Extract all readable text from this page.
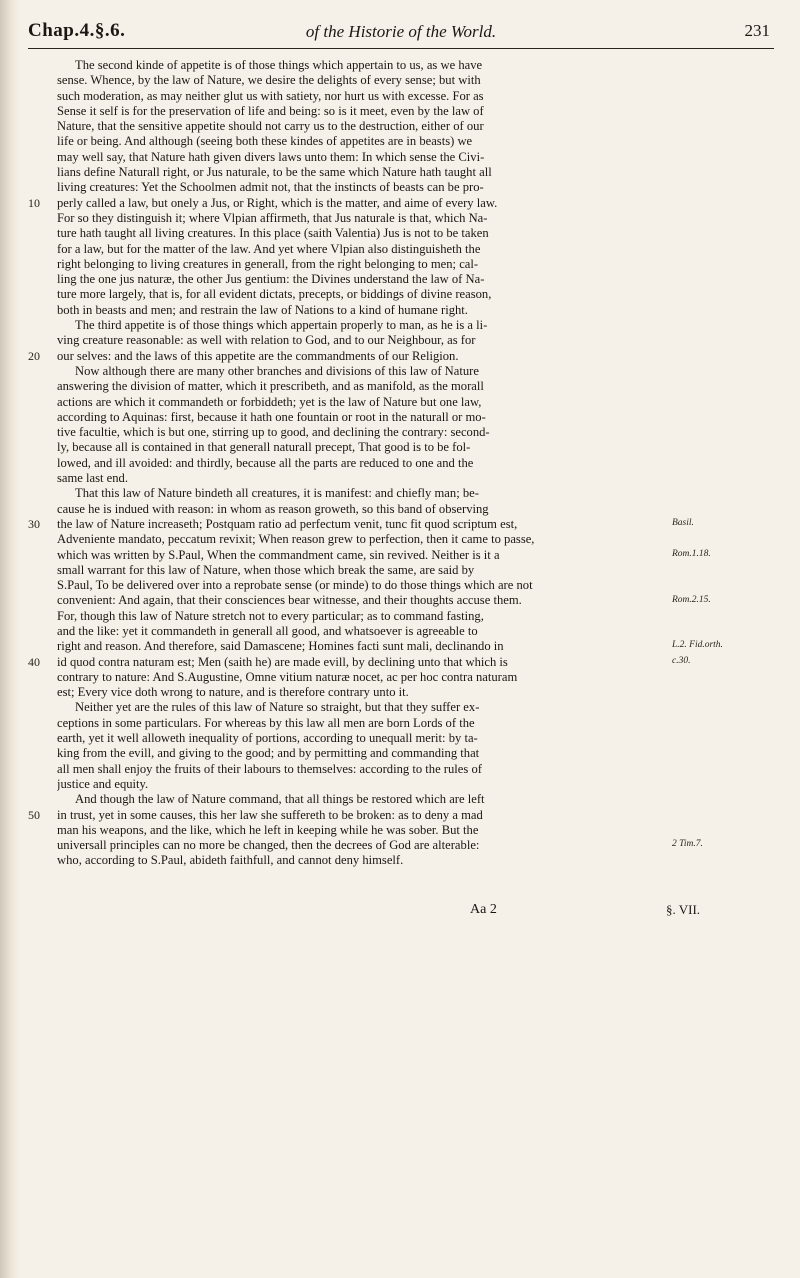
Chap.4.§.6.	of the Historie of the World.	231
The second kinde of appetite is of those things which appertain to us, as we have
sense. Whence, by the law of Nature, we desire the delights of every sense; but with
such moderation, as may neither glut us with satiety, nor hurt us with excesse. For as
Sense it self is for the preservation of life and being: so is it meet, even by the law of
Nature, that the sensitive appetite should not carry us to the destruction, either of our
life or being. And although (seeing both these kindes of appetites are in beasts) we
may well say, that Nature hath given divers laws unto them: In which sense the Civi-
lians define Naturall right, or Jus naturale, to be the same which Nature hath taught all
living creatures: Yet the Schoolmen admit not, that the instincts of beasts can be pro-
perly called a law, but onely a Jus, or Right, which is the matter, and aime of every law.
For so they distinguish it; where Vlpian affirmeth, that Jus naturale is that, which Na-
ture hath taught all living creatures. In this place (saith Valentia) Jus is not to be taken
for a law, but for the matter of the law. And yet where Vlpian also distinguisheth the
right belonging to living creatures in generall, from the right belonging to men; cal-
ling the one jus naturæ, the other Jus gentium: the Divines understand the law of Na-
ture more largely, that is, for all evident dictats, precepts, or biddings of divine reason,
both in beasts and men; and restrain the law of Nations to a kind of humane right.
The third appetite is of those things which appertain properly to man, as he is a li-
ving creature reasonable: as well with relation to God, and to our Neighbour, as for
our selves: and the laws of this appetite are the commandments of our Religion.
Now although there are many other branches and divisions of this law of Nature
answering the division of matter, which it prescribeth, and as manifold, as the morall
actions are which it commandeth or forbiddeth; yet is the law of Nature but one law,
according to Aquinas: first, because it hath one fountain or root in the naturall or mo-
tive facultie, which is but one, stirring up to good, and declining the contrary: second-
ly, because all is contained in that generall naturall precept, That good is to be fol-
lowed, and ill avoided: and thirdly, because all the parts are reduced to one and the
same last end.
That this law of Nature bindeth all creatures, it is manifest: and chiefly man; be-
cause he is indued with reason: in whom as reason groweth, so this band of observing
the law of Nature increaseth; Postquam ratio ad perfectum venit, tunc fit quod scriptum est,
Adveniente mandato, peccatum revixit; When reason grew to perfection, then it came to passe,
which was written by S.Paul, When the commandment came, sin revived. Neither is it a
small warrant for this law of Nature, when those which break the same, are said by
S.Paul, To be delivered over into a reprobate sense (or minde) to do those things which are not
convenient: And again, that their consciences bear witnesse, and their thoughts accuse them.
For, though this law of Nature stretch not to every particular; as to command fasting,
and the like: yet it commandeth in generall all good, and whatsoever is agreeable to
right and reason. And therefore, said Damascene; Homines facti sunt mali, declinando in
id quod contra naturam est; Men (saith he) are made evill, by declining unto that which is
contrary to nature: And S.Augustine, Omne vitium naturæ nocet, ac per hoc contra naturam
est; Every vice doth wrong to nature, and is therefore contrary unto it.
Neither yet are the rules of this law of Nature so straight, but that they suffer ex-
ceptions in some particulars. For whereas by this law all men are born Lords of the
earth, yet it well alloweth inequality of portions, according to unequall merit: by ta-
king from the evill, and giving to the good; and by permitting and commanding that
all men shall enjoy the fruits of their labours to themselves: according to the rules of
justice and equity.
And though the law of Nature command, that all things be restored which are left
in trust, yet in some causes, this her law she suffereth to be broken: as to deny a mad
man his weapons, and the like, which he left in keeping while he was sober. But the
universall principles can no more be changed, then the decrees of God are alterable:
who, according to S.Paul, abideth faithfull, and cannot deny himself.
10
20
30
40
50
Basil.
Rom.1.18.
Rom.2.15.
L.2. Fid.orth.
c.30.
2 Tim.7.
Aa 2	§. VII.
